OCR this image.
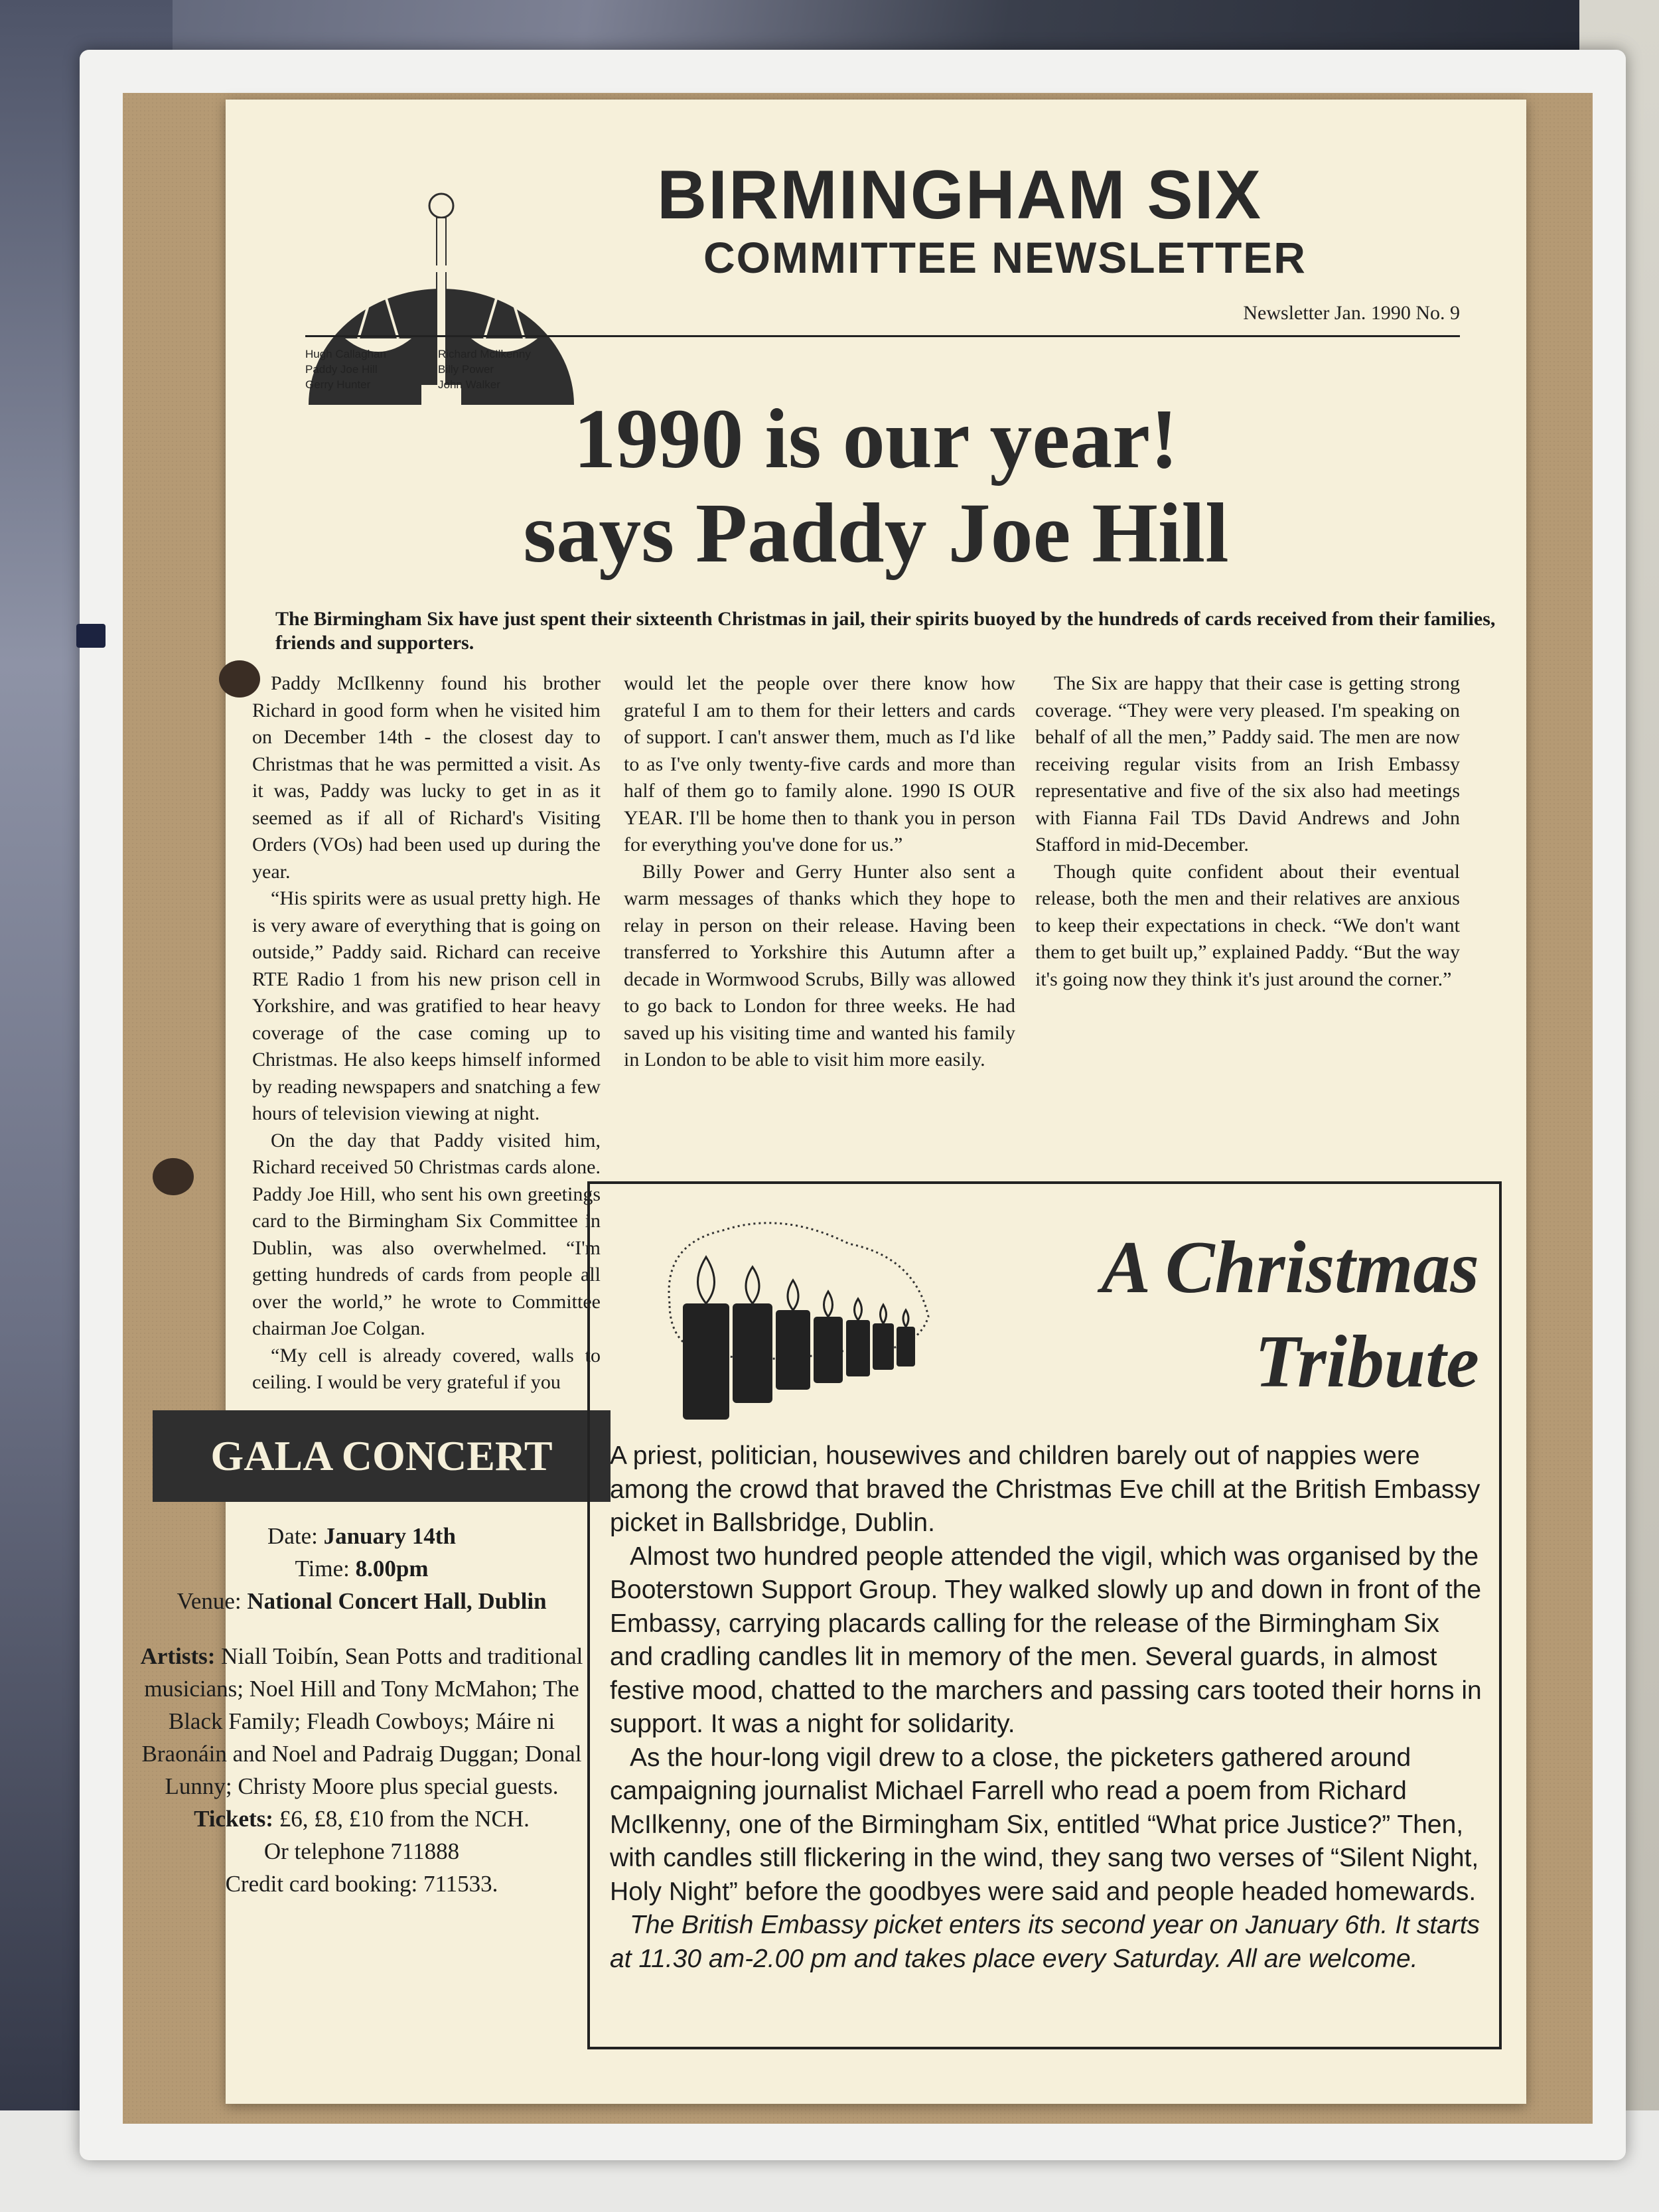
BIRMINGHAM SIX
COMMITTEE NEWSLETTER
Newsletter Jan. 1990 No. 9
Hugh Callaghan	Richard McIlkenny
Paddy Joe Hill	Billy Power
Gerry Hunter	John Walker
1990 is our year!
says Paddy Joe Hill
The Birmingham Six have just spent their sixteenth Christmas in jail, their spirits buoyed by the hundreds of cards received from their families, friends and supporters.

Paddy McIlkenny found his brother Richard in good form when he visited him on December 14th - the closest day to Christmas that he was permitted a visit. As it was, Paddy was lucky to get in as it seemed as if all of Richard's Visiting Orders (VOs) had been used up during the year.

“His spirits were as usual pretty high. He is very aware of everything that is going on outside,” Paddy said. Richard can receive RTE Radio 1 from his new prison cell in Yorkshire, and was gratified to hear heavy coverage of the case coming up to Christmas. He also keeps himself informed by reading newspapers and snatching a few hours of television viewing at night.

On the day that Paddy visited him, Richard received 50 Christmas cards alone. Paddy Joe Hill, who sent his own greetings card to the Birmingham Six Committee in Dublin, was also overwhelmed. “I'm getting hundreds of cards from people all over the world,” he wrote to Committee chairman Joe Colgan.

“My cell is already covered, walls to ceiling. I would be very grateful if you

would let the people over there know how grateful I am to them for their letters and cards of support. I can't answer them, much as I'd like to as I've only twenty-five cards and more than half of them go to family alone. 1990 IS OUR YEAR. I'll be home then to thank you in person for everything you've done for us.”

Billy Power and Gerry Hunter also sent a warm messages of thanks which they hope to relay in person on their release. Having been transferred to Yorkshire this Autumn after a decade in Wormwood Scrubs, Billy was allowed to go back to London for three weeks. He had saved up his visiting time and wanted his family in London to be able to visit him more easily.

The Six are happy that their case is getting strong coverage. “They were very pleased. I'm speaking on behalf of all the men,” Paddy said. The men are now receiving regular visits from an Irish Embassy representative and five of the six also had meetings with Fianna Fail TDs David Andrews and John Stafford in mid-December.

Though quite confident about their eventual release, both the men and their relatives are anxious to keep their expectations in check. “We don't want them to get built up,” explained Paddy. “But the way it's going now they think it's just around the corner.”

GALA CONCERT
Date: January 14th
Time: 8.00pm
Venue: National Concert Hall, Dublin
Artists: Niall Toibín, Sean Potts and traditional musicians; Noel Hill and Tony McMahon; The Black Family; Fleadh Cowboys; Máire ni Braonáin and Noel and Padraig Duggan; Donal Lunny; Christy Moore plus special guests.
Tickets: £6, £8, £10 from the NCH.
Or telephone 711888
Credit card booking: 711533.
A Christmas
Tribute

A priest, politician, housewives and children barely out of nappies were among the crowd that braved the Christmas Eve chill at the British Embassy picket in Ballsbridge, Dublin.

Almost two hundred people attended the vigil, which was organised by the Booterstown Support Group. They walked slowly up and down in front of the Embassy, carrying placards calling for the release of the Birmingham Six and cradling candles lit in memory of the men. Several guards, in almost festive mood, chatted to the marchers and passing cars tooted their horns in support. It was a night for solidarity.

As the hour-long vigil drew to a close, the picketers gathered around campaigning journalist Michael Farrell who read a poem from Richard McIlkenny, one of the Birmingham Six, entitled “What price Justice?” Then, with candles still flickering in the wind, they sang two verses of “Silent Night, Holy Night” before the goodbyes were said and people headed homewards.

The British Embassy picket enters its second year on January 6th. It starts at 11.30 am-2.00 pm and takes place every Saturday. All are welcome.
